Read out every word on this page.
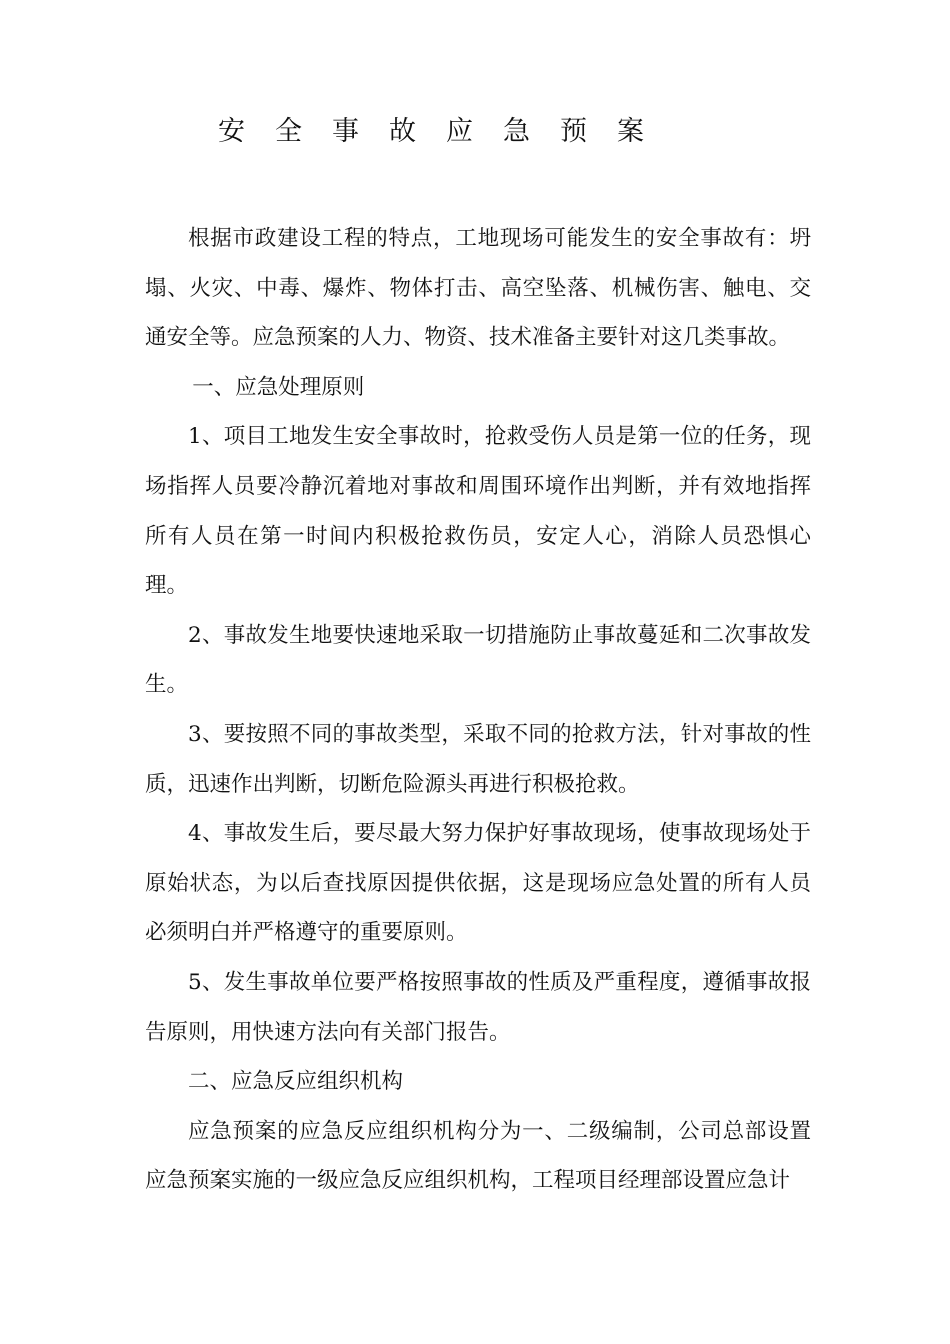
安全事故应急预案

根据市政建设工程的特点，工地现场可能发生的安全事故有：坍塌、火灾、中毒、爆炸、物体打击、高空坠落、机械伤害、触电、交通安全等。应急预案的人力、物资、技术准备主要针对这几类事故。

一、应急处理原则

1、项目工地发生安全事故时，抢救受伤人员是第一位的任务，现场指挥人员要冷静沉着地对事故和周围环境作出判断，并有效地指挥所有人员在第一时间内积极抢救伤员，安定人心，消除人员恐惧心理。

2、事故发生地要快速地采取一切措施防止事故蔓延和二次事故发生。

3、要按照不同的事故类型，采取不同的抢救方法，针对事故的性质，迅速作出判断，切断危险源头再进行积极抢救。

4、事故发生后，要尽最大努力保护好事故现场，使事故现场处于原始状态，为以后查找原因提供依据，这是现场应急处置的所有人员必须明白并严格遵守的重要原则。

5、发生事故单位要严格按照事故的性质及严重程度，遵循事故报告原则，用快速方法向有关部门报告。

二、应急反应组织机构

应急预案的应急反应组织机构分为一、二级编制，公司总部设置应急预案实施的一级应急反应组织机构，工程项目经理部设置应急计
